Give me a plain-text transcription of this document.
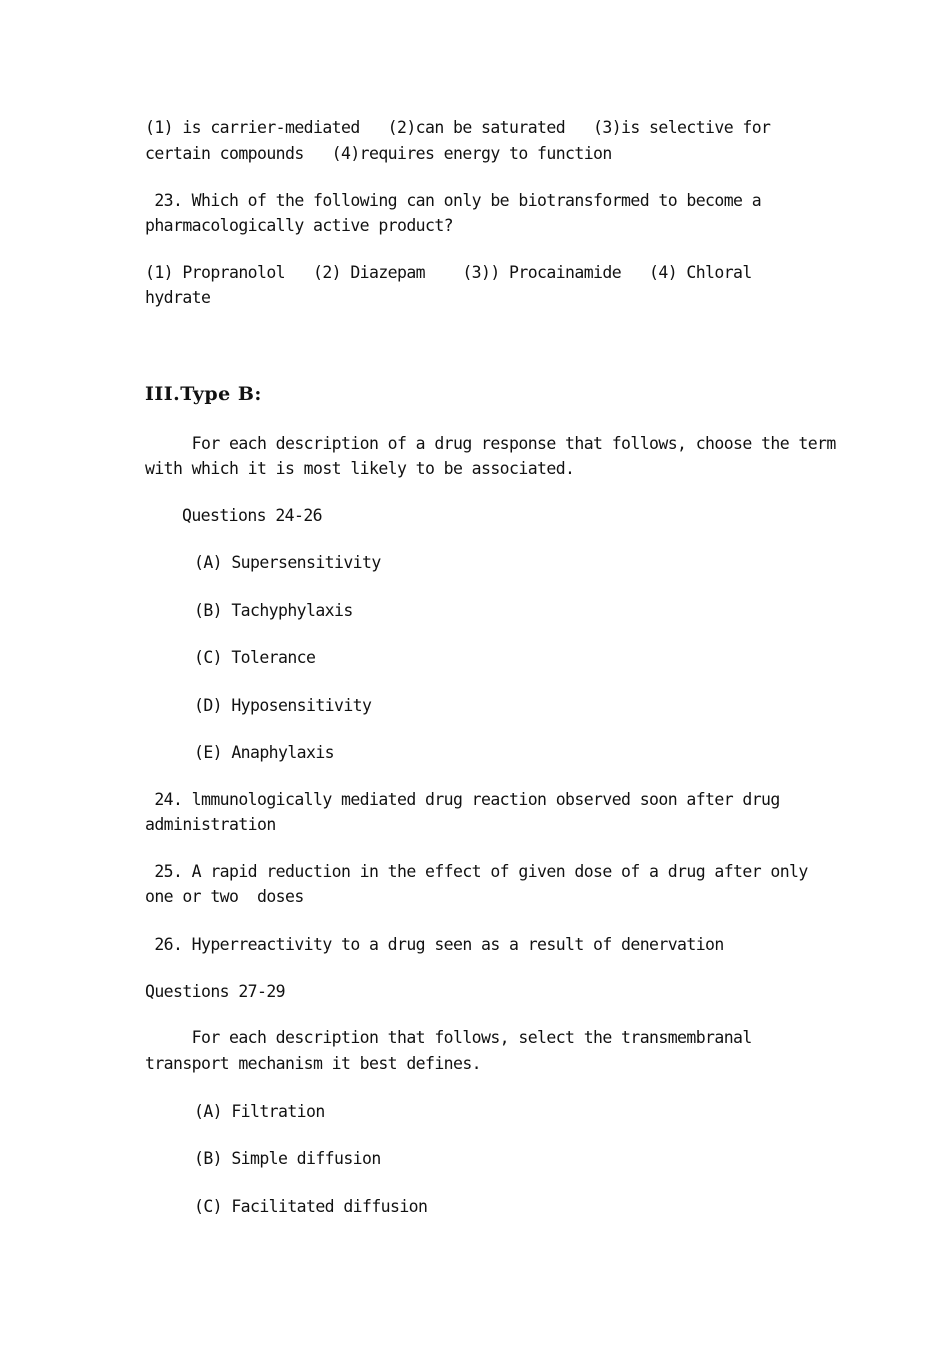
(1) is carrier-mediated   (2)can be saturated   (3)is selective for
certain compounds   (4)requires energy to function
23. Which of the following can only be biotransformed to become a
pharmacologically active product?
(1) Propranolol   (2) Diazepam    (3)) Procainamide   (4) Chloral
hydrate
III.Type B:
For each description of a drug response that follows, choose the term
with which it is most likely to be associated.
Questions 24-26
(A) Supersensitivity
(B) Tachyphylaxis
(C) Tolerance
(D) Hyposensitivity
(E) Anaphylaxis
24. lmmunologically mediated drug reaction observed soon after drug
administration
25. A rapid reduction in the effect of given dose of a drug after only
one or two  doses
26. Hyperreactivity to a drug seen as a result of denervation
Questions 27-29
For each description that follows, select the transmembranal
transport mechanism it best defines.
(A) Filtration
(B) Simple diffusion
(C) Facilitated diffusion
